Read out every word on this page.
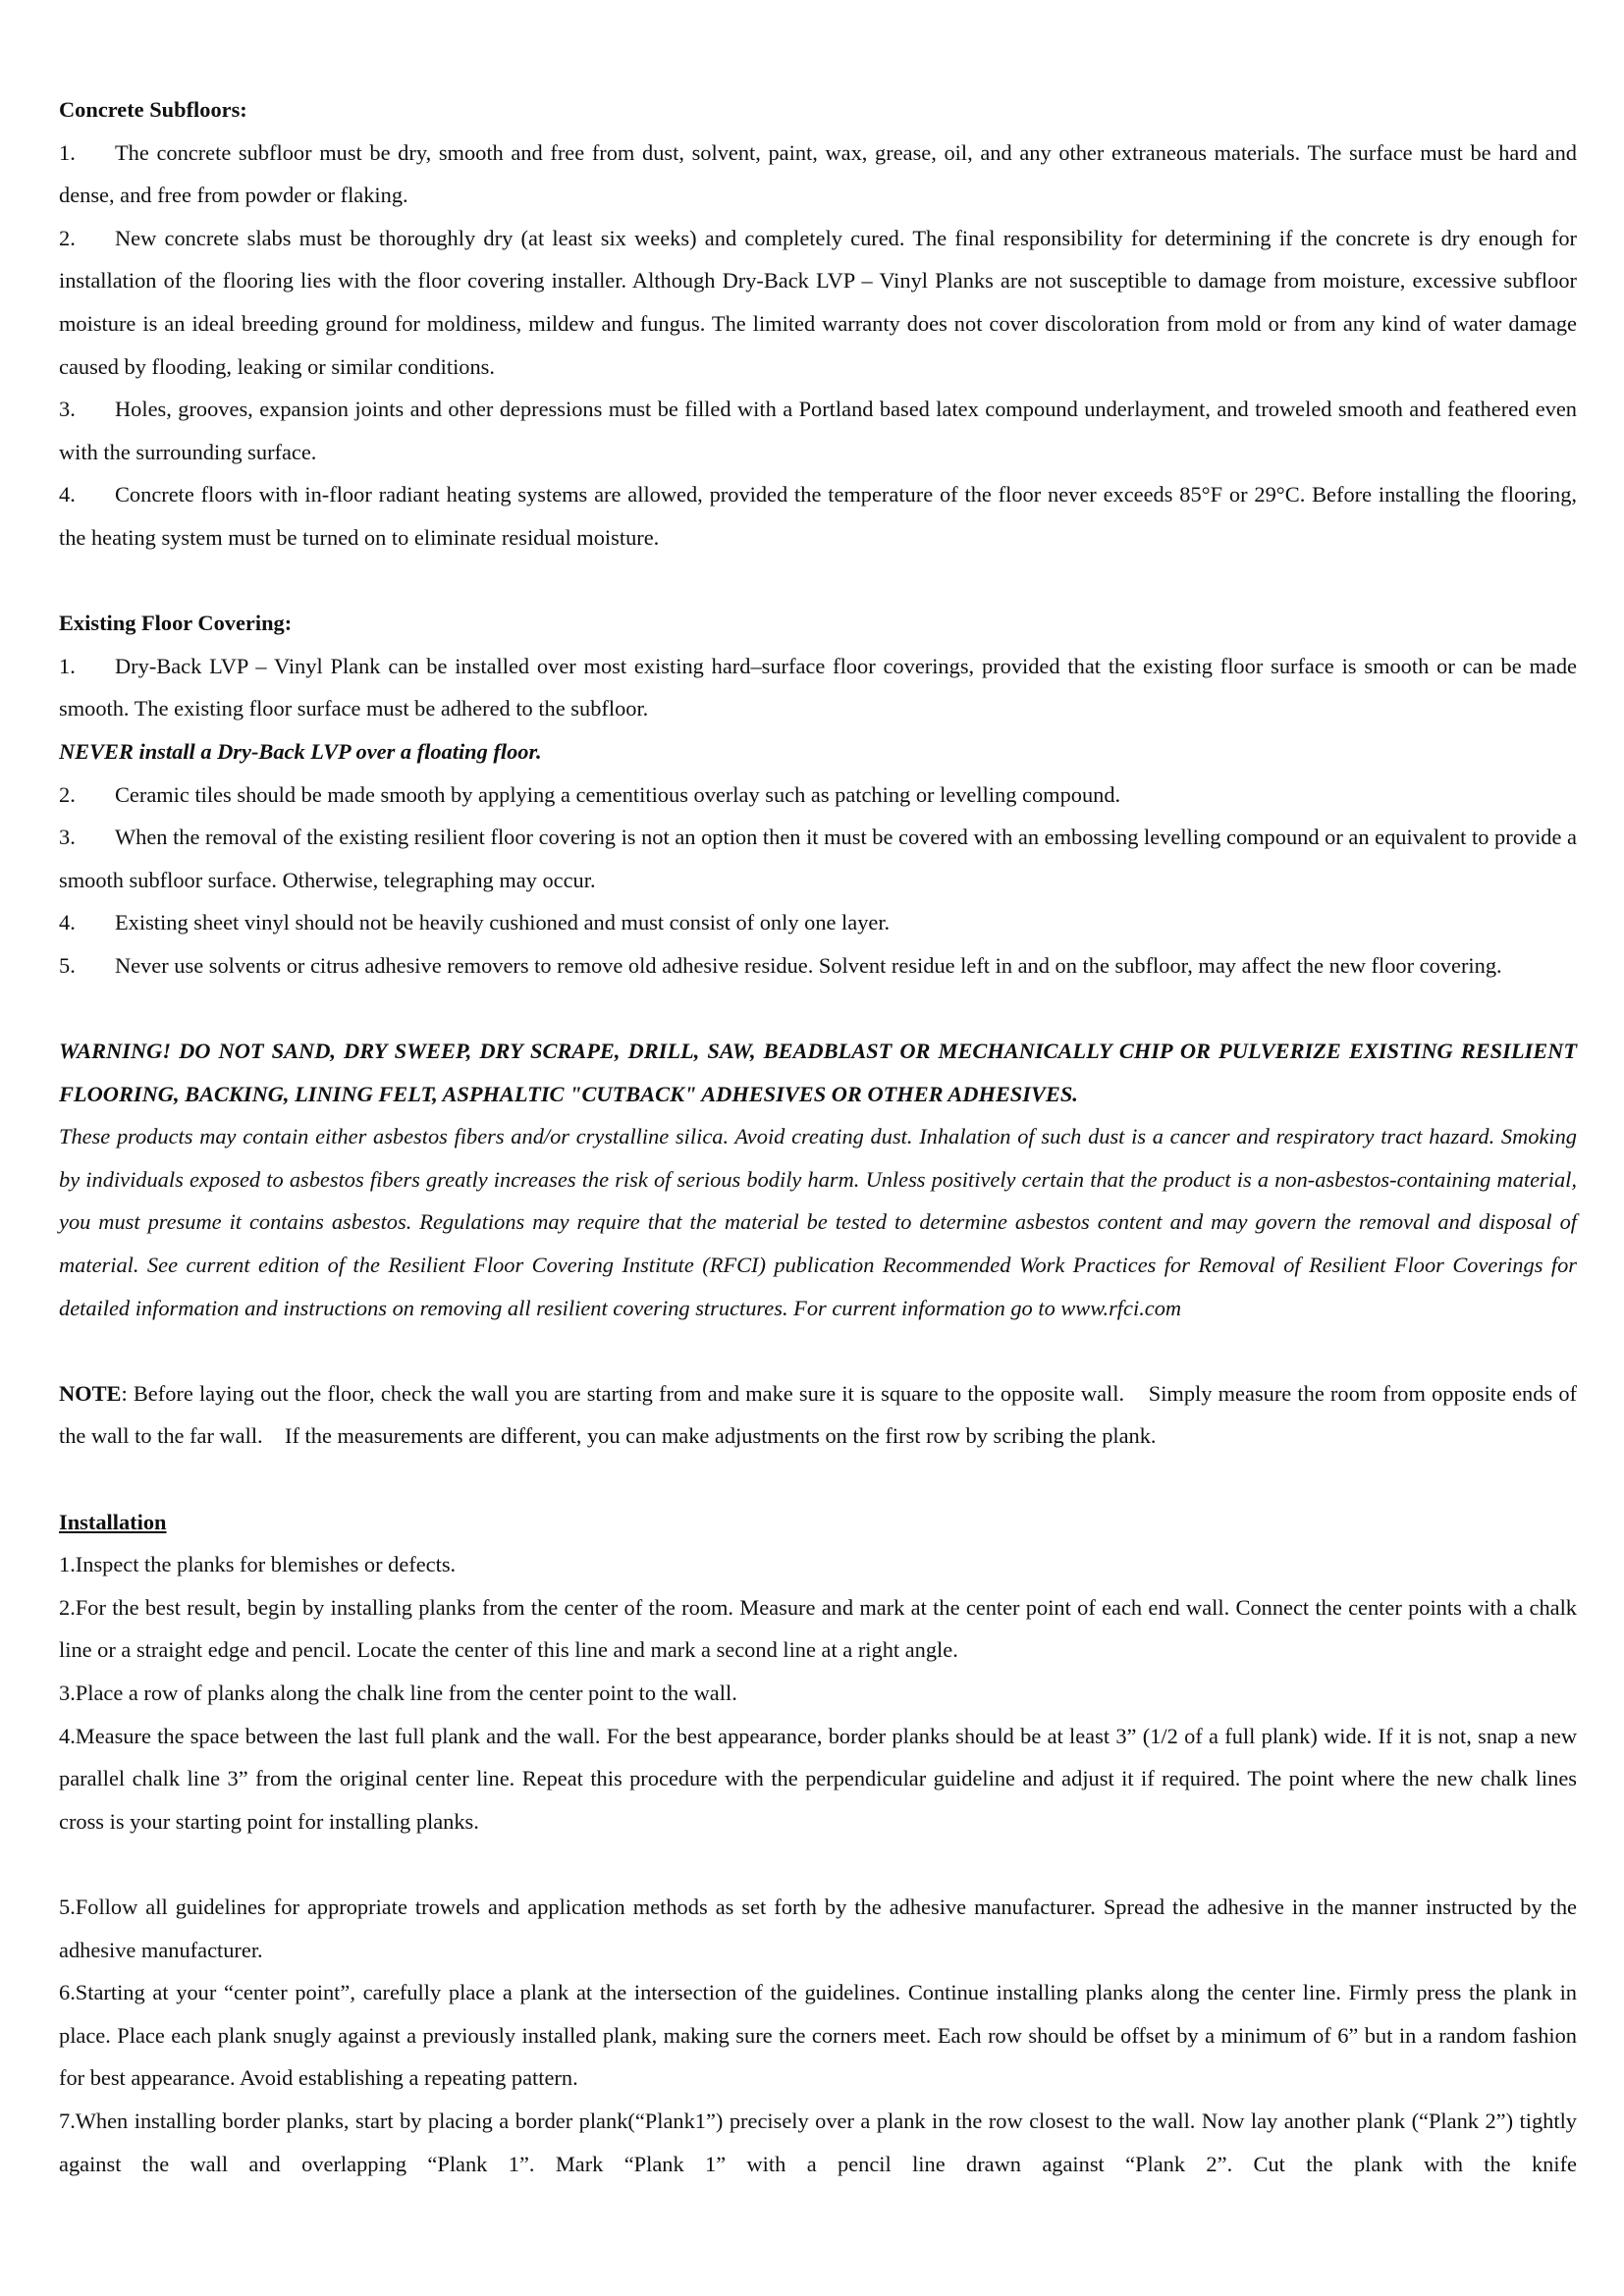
Concrete Subfloors:

1. The concrete subfloor must be dry, smooth and free from dust, solvent, paint, wax, grease, oil, and any other extraneous materials. The surface must be hard and dense, and free from powder or flaking.

2. New concrete slabs must be thoroughly dry (at least six weeks) and completely cured. The final responsibility for determining if the concrete is dry enough for installation of the flooring lies with the floor covering installer. Although Dry-Back LVP – Vinyl Planks are not susceptible to damage from moisture, excessive subfloor moisture is an ideal breeding ground for moldiness, mildew and fungus. The limited warranty does not cover discoloration from mold or from any kind of water damage caused by flooding, leaking or similar conditions.

3. Holes, grooves, expansion joints and other depressions must be filled with a Portland based latex compound underlayment, and troweled smooth and feathered even with the surrounding surface.

4. Concrete floors with in-floor radiant heating systems are allowed, provided the temperature of the floor never exceeds 85°F or 29°C. Before installing the flooring, the heating system must be turned on to eliminate residual moisture.

Existing Floor Covering:

1. Dry-Back LVP – Vinyl Plank can be installed over most existing hard–surface floor coverings, provided that the existing floor surface is smooth or can be made smooth. The existing floor surface must be adhered to the subfloor.

NEVER install a Dry-Back LVP over a floating floor.

2. Ceramic tiles should be made smooth by applying a cementitious overlay such as patching or levelling compound.

3. When the removal of the existing resilient floor covering is not an option then it must be covered with an embossing levelling compound or an equivalent to provide a smooth subfloor surface. Otherwise, telegraphing may occur.

4. Existing sheet vinyl should not be heavily cushioned and must consist of only one layer.

5. Never use solvents or citrus adhesive removers to remove old adhesive residue. Solvent residue left in and on the subfloor, may affect the new floor covering.

WARNING! DO NOT SAND, DRY SWEEP, DRY SCRAPE, DRILL, SAW, BEADBLAST OR MECHANICALLY CHIP OR PULVERIZE EXISTING RESILIENT FLOORING, BACKING, LINING FELT, ASPHALTIC "CUTBACK" ADHESIVES OR OTHER ADHESIVES.

These products may contain either asbestos fibers and/or crystalline silica. Avoid creating dust. Inhalation of such dust is a cancer and respiratory tract hazard. Smoking by individuals exposed to asbestos fibers greatly increases the risk of serious bodily harm. Unless positively certain that the product is a non-asbestos-containing material, you must presume it contains asbestos. Regulations may require that the material be tested to determine asbestos content and may govern the removal and disposal of material. See current edition of the Resilient Floor Covering Institute (RFCI) publication Recommended Work Practices for Removal of Resilient Floor Coverings for detailed information and instructions on removing all resilient covering structures. For current information go to www.rfci.com

NOTE: Before laying out the floor, check the wall you are starting from and make sure it is square to the opposite wall.    Simply measure the room from opposite ends of the wall to the far wall.    If the measurements are different, you can make adjustments on the first row by scribing the plank.

Installation

1.Inspect the planks for blemishes or defects.

2.For the best result, begin by installing planks from the center of the room. Measure and mark at the center point of each end wall. Connect the center points with a chalk line or a straight edge and pencil. Locate the center of this line and mark a second line at a right angle.

3.Place a row of planks along the chalk line from the center point to the wall.

4.Measure the space between the last full plank and the wall. For the best appearance, border planks should be at least 3” (1/2 of a full plank) wide. If it is not, snap a new parallel chalk line 3” from the original center line. Repeat this procedure with the perpendicular guideline and adjust it if required. The point where the new chalk lines cross is your starting point for installing planks.

5.Follow all guidelines for appropriate trowels and application methods as set forth by the adhesive manufacturer. Spread the adhesive in the manner instructed by the adhesive manufacturer.

6.Starting at your “center point”, carefully place a plank at the intersection of the guidelines. Continue installing planks along the center line. Firmly press the plank in place. Place each plank snugly against a previously installed plank, making sure the corners meet. Each row should be offset by a minimum of 6” but in a random fashion for best appearance. Avoid establishing a repeating pattern.

7.When installing border planks, start by placing a border plank(“Plank1”) precisely over a plank in the row closest to the wall. Now lay another plank (“Plank 2”) tightly against the wall and overlapping “Plank 1”. Mark “Plank 1” with a pencil line drawn against “Plank 2”. Cut the plank with the knife
